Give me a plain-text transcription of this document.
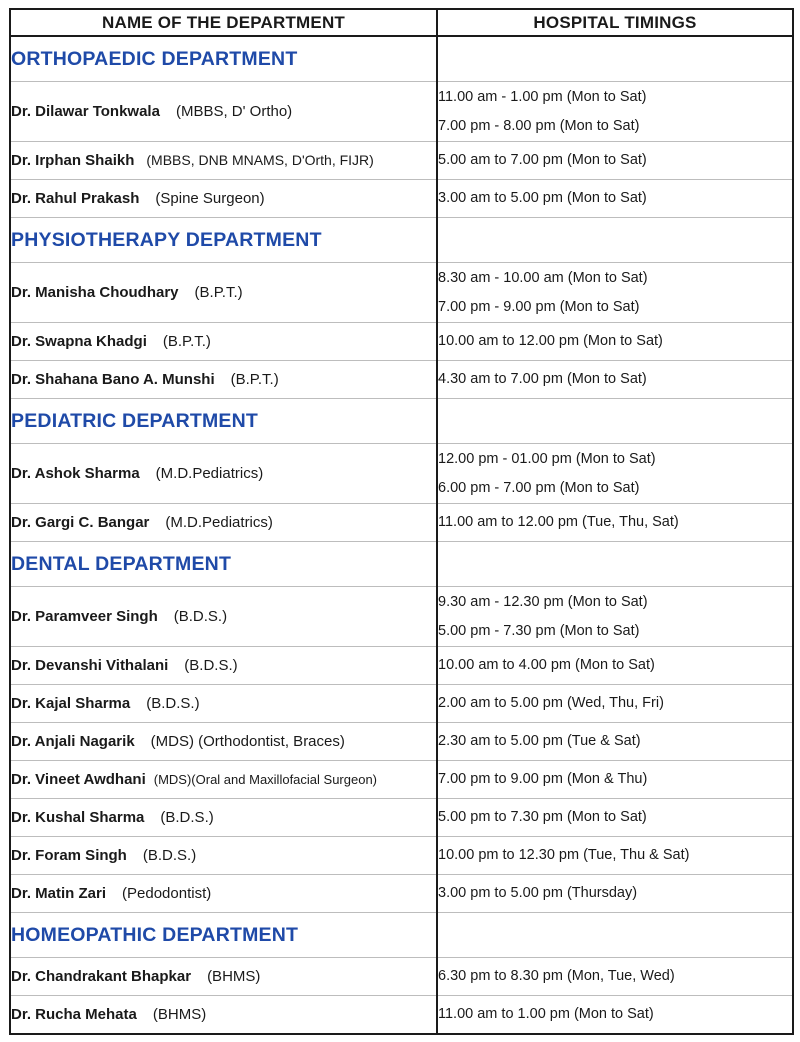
NAME OF THE DEPARTMENT	HOSPITAL TIMINGS
ORTHOPAEDIC DEPARTMENT	
Dr. Dilawar Tonkwala (MBBS, D' Ortho)	11.00 am - 1.00 pm (Mon to Sat)
7.00 pm - 8.00 pm (Mon to Sat)

Dr. Irphan Shaikh (MBBS, DNB MNAMS, D'Orth, FIJR)	5.00 am to 7.00 pm (Mon to Sat)

Dr. Rahul Prakash (Spine Surgeon)	3.00 am to 5.00 pm (Mon to Sat)

PHYSIOTHERAPY DEPARTMENT	
Dr. Manisha Choudhary (B.P.T.)	8.30 am - 10.00 am (Mon to Sat)
7.00 pm - 9.00 pm (Mon to Sat)

Dr. Swapna Khadgi (B.P.T.)	10.00 am to 12.00 pm (Mon to Sat)

Dr. Shahana Bano A. Munshi (B.P.T.)	4.30 am to 7.00 pm (Mon to Sat)

PEDIATRIC DEPARTMENT	
Dr. Ashok Sharma (M.D.Pediatrics)	12.00 pm - 01.00 pm (Mon to Sat)
6.00 pm - 7.00 pm (Mon to Sat)

Dr. Gargi C. Bangar (M.D.Pediatrics)	11.00 am to 12.00 pm (Tue, Thu, Sat)

DENTAL DEPARTMENT	
Dr. Paramveer Singh (B.D.S.)	9.30 am - 12.30 pm (Mon to Sat)
5.00 pm - 7.30 pm (Mon to Sat)

Dr. Devanshi Vithalani (B.D.S.)	10.00 am to 4.00 pm (Mon to Sat)

Dr. Kajal Sharma (B.D.S.)	2.00 am to 5.00 pm (Wed, Thu, Fri)

Dr. Anjali Nagarik (MDS) (Orthodontist, Braces)	2.30 am to 5.00 pm (Tue & Sat)

Dr. Vineet Awdhani (MDS)(Oral and Maxillofacial Surgeon)	7.00 pm to 9.00 pm (Mon & Thu)

Dr. Kushal Sharma (B.D.S.)	5.00 pm to 7.30 pm (Mon to Sat)

Dr. Foram Singh (B.D.S.)	10.00 pm to 12.30 pm (Tue, Thu & Sat)

Dr. Matin Zari (Pedodontist)	3.00 pm to 5.00 pm (Thursday)

HOMEOPATHIC DEPARTMENT	
Dr. Chandrakant Bhapkar (BHMS)	6.30 pm to 8.30 pm (Mon, Tue, Wed)

Dr. Rucha Mehata (BHMS)	11.00 am to 1.00 pm (Mon to Sat)
